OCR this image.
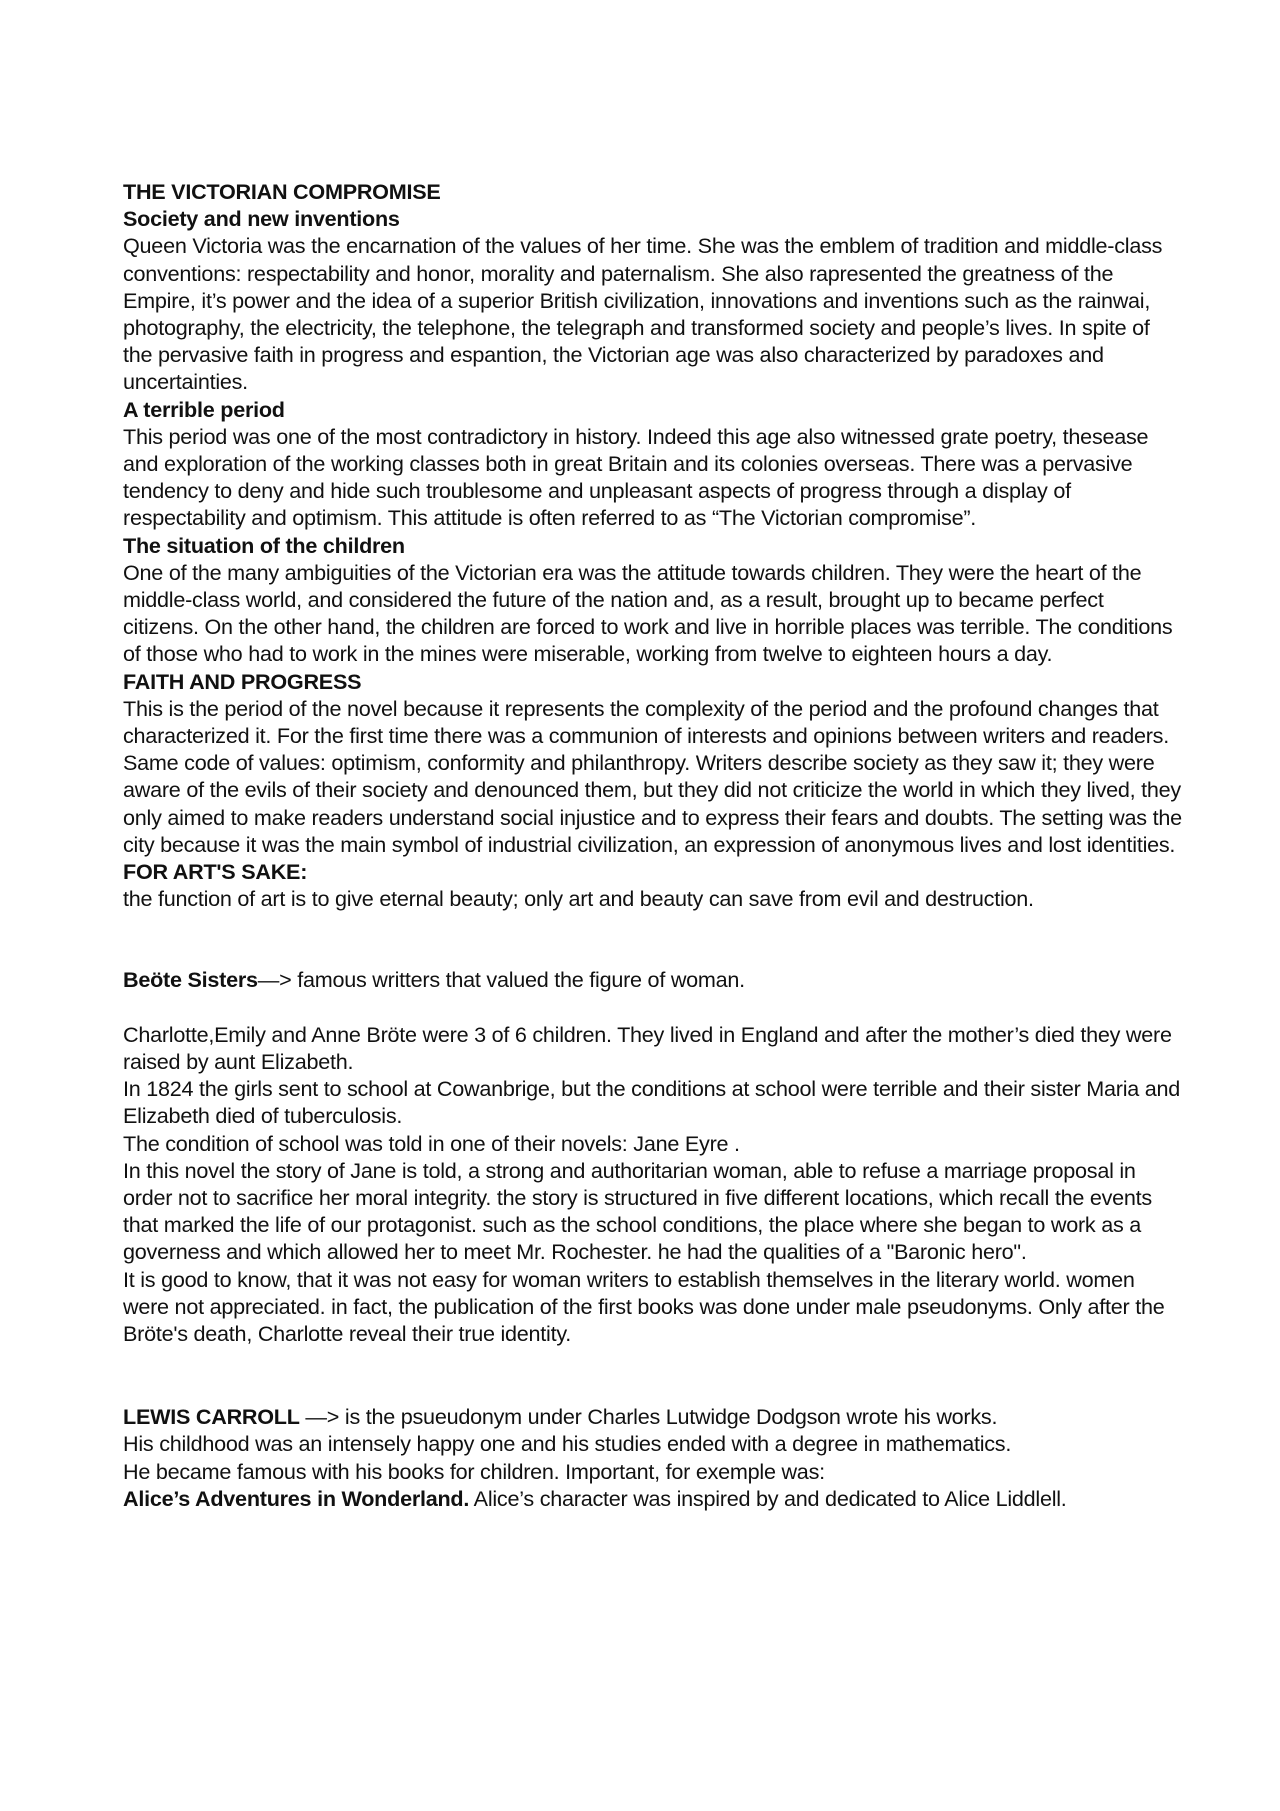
THE VICTORIAN COMPROMISE
Society and new inventions

Queen Victoria was the encarnation of the values of her time. She was the emblem of tradition and middle-class conventions: respectability and honor, morality and paternalism. She also rapresented the greatness of the Empire, it’s power and the idea of a superior British civilization, innovations and inventions such as the rainwai, photography, the electricity, the telephone, the telegraph and transformed society and people’s lives. In spite of the pervasive faith in progress and espantion, the Victorian age was also characterized by paradoxes and uncertainties.

A terrible period

This period was one of the most contradictory in history. Indeed this age also witnessed grate poetry, thesease and exploration of the working classes both in great Britain and its colonies overseas. There was a pervasive tendency to deny and hide such troublesome and unpleasant aspects of progress through a display of respectability and optimism. This attitude is often referred to as “The Victorian compromise”.

The situation of the children

One of the many ambiguities of the Victorian era was the attitude towards children. They were the heart of the middle-class world, and considered the future of the nation and, as a result, brought up to became perfect citizens. On the other hand, the children are forced to work and live in horrible places was terrible. The conditions of those who had to work in the mines were miserable, working from twelve to eighteen hours a day.

FAITH AND PROGRESS

This is the period of the novel because it represents the complexity of the period and the profound changes that characterized it. For the first time there was a communion of interests and opinions between writers and readers. Same code of values: optimism, conformity and philanthropy. Writers describe society as they saw it; they were aware of the evils of their society and denounced them, but they did not criticize the world in which they lived, they only aimed to make readers understand social injustice and to express their fears and doubts. The setting was the city because it was the main symbol of industrial civilization, an expression of anonymous lives and lost identities.

FOR ART'S SAKE:

the function of art is to give eternal beauty; only art and beauty can save from evil and destruction.

Beöte Sisters—> famous writters that valued the figure of woman.

Charlotte,Emily and Anne Bröte were 3 of 6 children. They lived in England and after the mother’s died they were raised by aunt Elizabeth.

In 1824 the girls sent to school at Cowanbrige, but the conditions at school were terrible and their sister Maria and Elizabeth died of tuberculosis.

The condition of school was told in one of their novels: Jane Eyre .

In this novel the story of Jane is told, a strong and authoritarian woman, able to refuse a marriage proposal in order not to sacrifice her moral integrity. the story is structured in five different locations, which recall the events that marked the life of our protagonist. such as the school conditions, the place where she began to work as a governess and which allowed her to meet Mr. Rochester. he had the qualities of a "Baronic hero".

It is good to know, that it was not easy for woman writers to establish themselves in the literary world. women were not appreciated. in fact, the publication of the first books was done under male pseudonyms. Only after the Bröte's death, Charlotte reveal their true identity.

LEWIS CARROLL —> is the psueudonym under Charles Lutwidge Dodgson wrote his works.

His childhood was an intensely happy one and his studies ended with a degree in mathematics.

He became famous with his books for children. Important, for exemple was:

Alice’s Adventures in Wonderland. Alice’s character was inspired by and dedicated to Alice Liddlell.
